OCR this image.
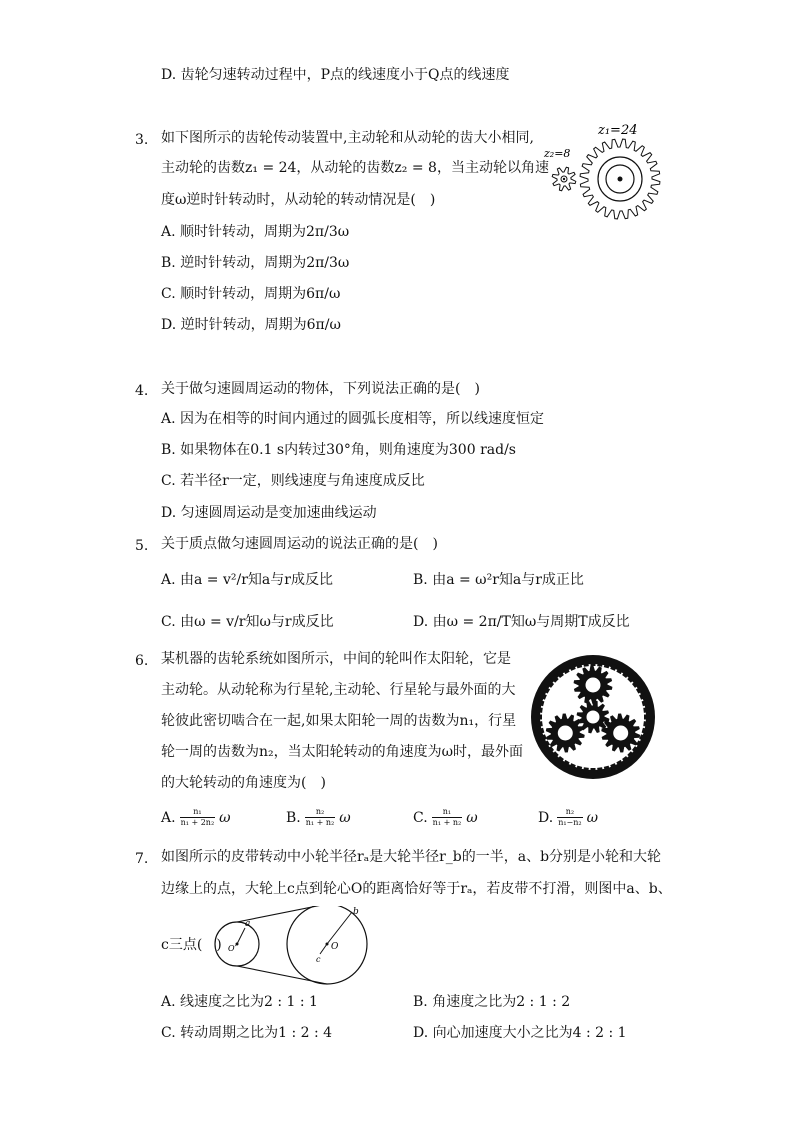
D. 齿轮匀速转动过程中，P点的线速度小于Q点的线速度
3. 如下图所示的齿轮传动装置中,主动轮和从动轮的齿大小相同,
主动轮的齿数z₁ = 24，从动轮的齿数z₂ = 8，当主动轮以角速
度ω逆时针转动时，从动轮的转动情况是(　)
A. 顺时针转动，周期为2π/3ω
B. 逆时针转动，周期为2π/3ω
C. 顺时针转动，周期为6π/ω
D. 逆时针转动，周期为6π/ω
z₁=24
z₂=8
4. 关于做匀速圆周运动的物体，下列说法正确的是(　)
A. 因为在相等的时间内通过的圆弧长度相等，所以线速度恒定
B. 如果物体在0.1 s内转过30°角，则角速度为300 rad/s
C. 若半径r一定，则线速度与角速度成反比
D. 匀速圆周运动是变加速曲线运动
5. 关于质点做匀速圆周运动的说法正确的是(　)
A. 由a = v²/r知a与r成反比	B. 由a = ω²r知a与r成正比
C. 由ω = v/r知ω与r成反比	D. 由ω = 2π/T知ω与周期T成反比
6. 某机器的齿轮系统如图所示，中间的轮叫作太阳轮，它是
主动轮。从动轮称为行星轮,主动轮、行星轮与最外面的大
轮彼此密切啮合在一起,如果太阳轮一周的齿数为n₁，行星
轮一周的齿数为n₂，当太阳轮转动的角速度为ω时，最外面
的大轮转动的角速度为(　)
A. $\frac{\text{n₁}}{\text{n₁ + 2n₂}}$ ω	B. $\frac{\text{n₂}}{\text{n₁ + n₂}}$ ω	C. $\frac{\text{n₁}}{\text{n₁ + n₂}}$ ω	D. $\frac{\text{n₂}}{\text{n₁−n₂}}$ ω
7. 如图所示的皮带转动中小轮半径rₐ是大轮半径r_b的一半，a、b分别是小轮和大轮
边缘上的点，大轮上c点到轮心O的距离恰好等于rₐ，若皮带不打滑，则图中a、b、
c三点(　)
a
b
c
O
O′
A. 线速度之比为2 : 1 : 1	B. 角速度之比为2 : 1 : 2
C. 转动周期之比为1 : 2 : 4	D. 向心加速度大小之比为4 : 2 : 1
